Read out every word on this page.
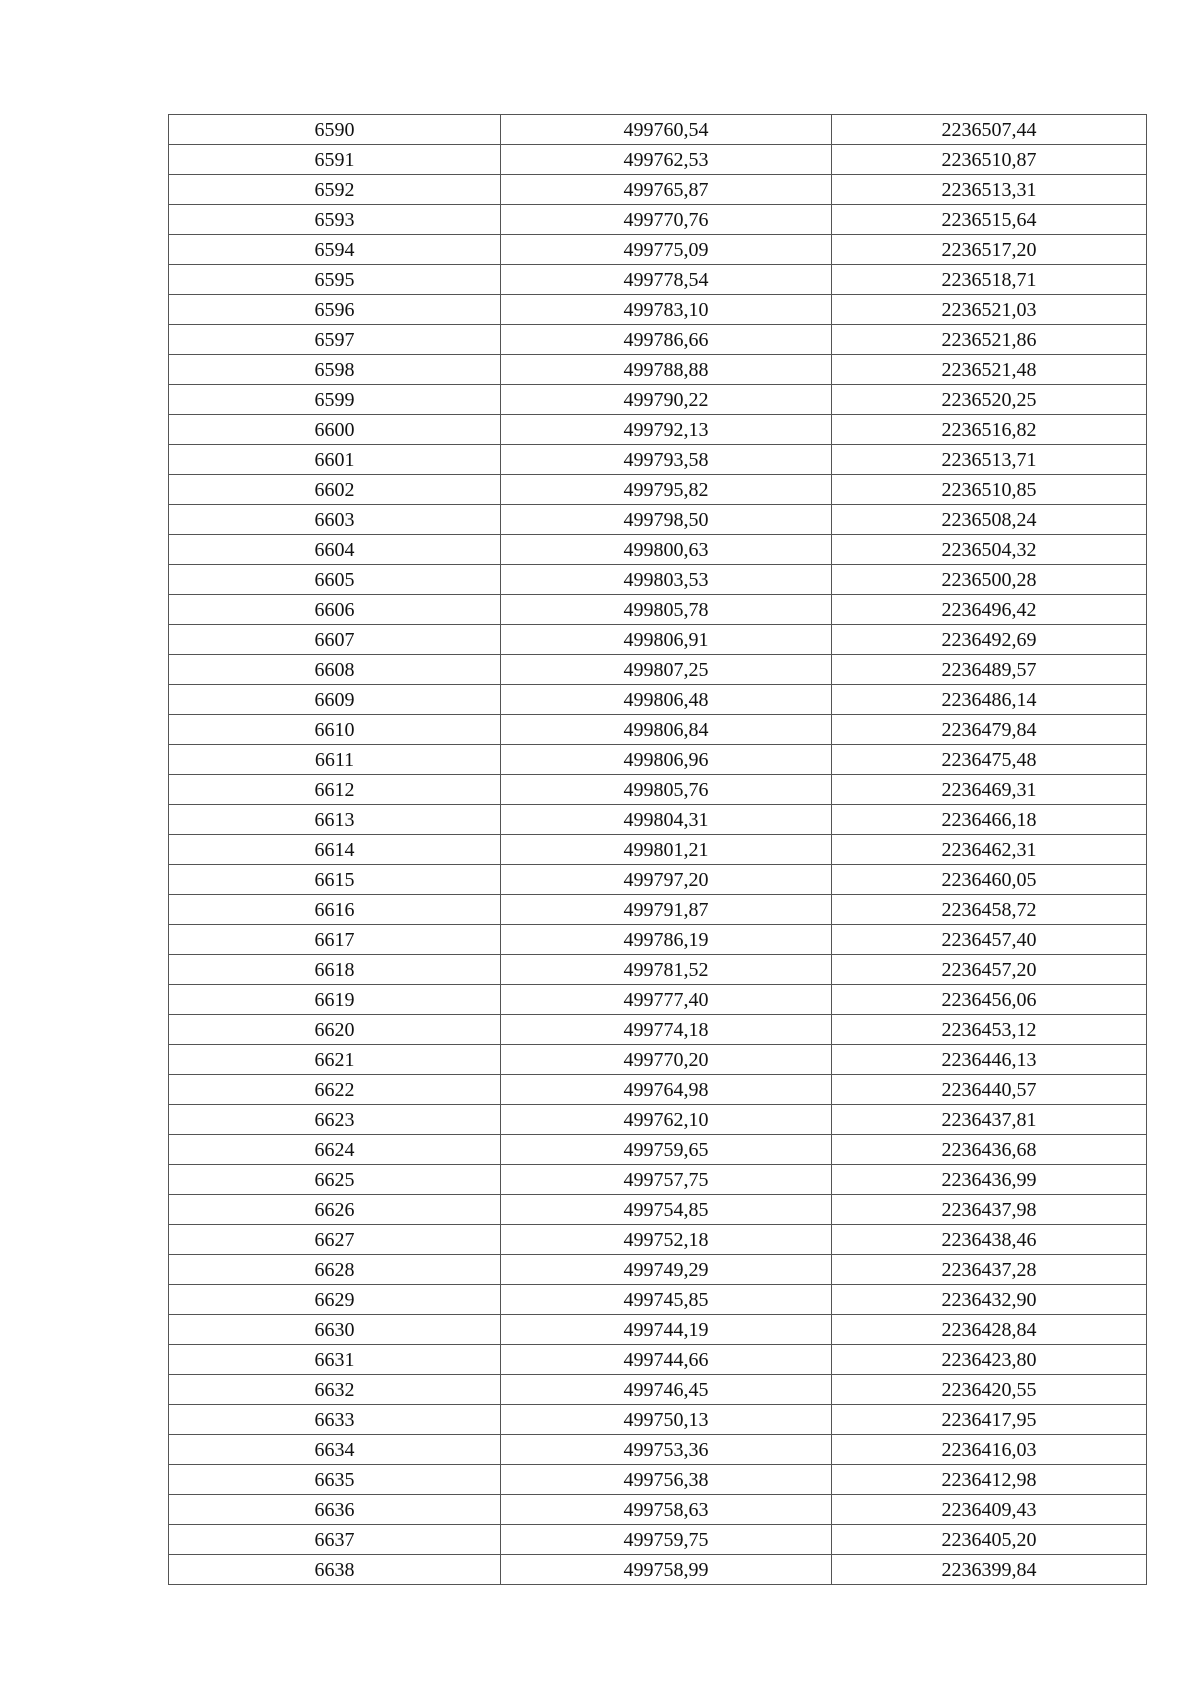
6590	499760,54	2236507,44
6591	499762,53	2236510,87
6592	499765,87	2236513,31
6593	499770,76	2236515,64
6594	499775,09	2236517,20
6595	499778,54	2236518,71
6596	499783,10	2236521,03
6597	499786,66	2236521,86
6598	499788,88	2236521,48
6599	499790,22	2236520,25
6600	499792,13	2236516,82
6601	499793,58	2236513,71
6602	499795,82	2236510,85
6603	499798,50	2236508,24
6604	499800,63	2236504,32
6605	499803,53	2236500,28
6606	499805,78	2236496,42
6607	499806,91	2236492,69
6608	499807,25	2236489,57
6609	499806,48	2236486,14
6610	499806,84	2236479,84
6611	499806,96	2236475,48
6612	499805,76	2236469,31
6613	499804,31	2236466,18
6614	499801,21	2236462,31
6615	499797,20	2236460,05
6616	499791,87	2236458,72
6617	499786,19	2236457,40
6618	499781,52	2236457,20
6619	499777,40	2236456,06
6620	499774,18	2236453,12
6621	499770,20	2236446,13
6622	499764,98	2236440,57
6623	499762,10	2236437,81
6624	499759,65	2236436,68
6625	499757,75	2236436,99
6626	499754,85	2236437,98
6627	499752,18	2236438,46
6628	499749,29	2236437,28
6629	499745,85	2236432,90
6630	499744,19	2236428,84
6631	499744,66	2236423,80
6632	499746,45	2236420,55
6633	499750,13	2236417,95
6634	499753,36	2236416,03
6635	499756,38	2236412,98
6636	499758,63	2236409,43
6637	499759,75	2236405,20
6638	499758,99	2236399,84
